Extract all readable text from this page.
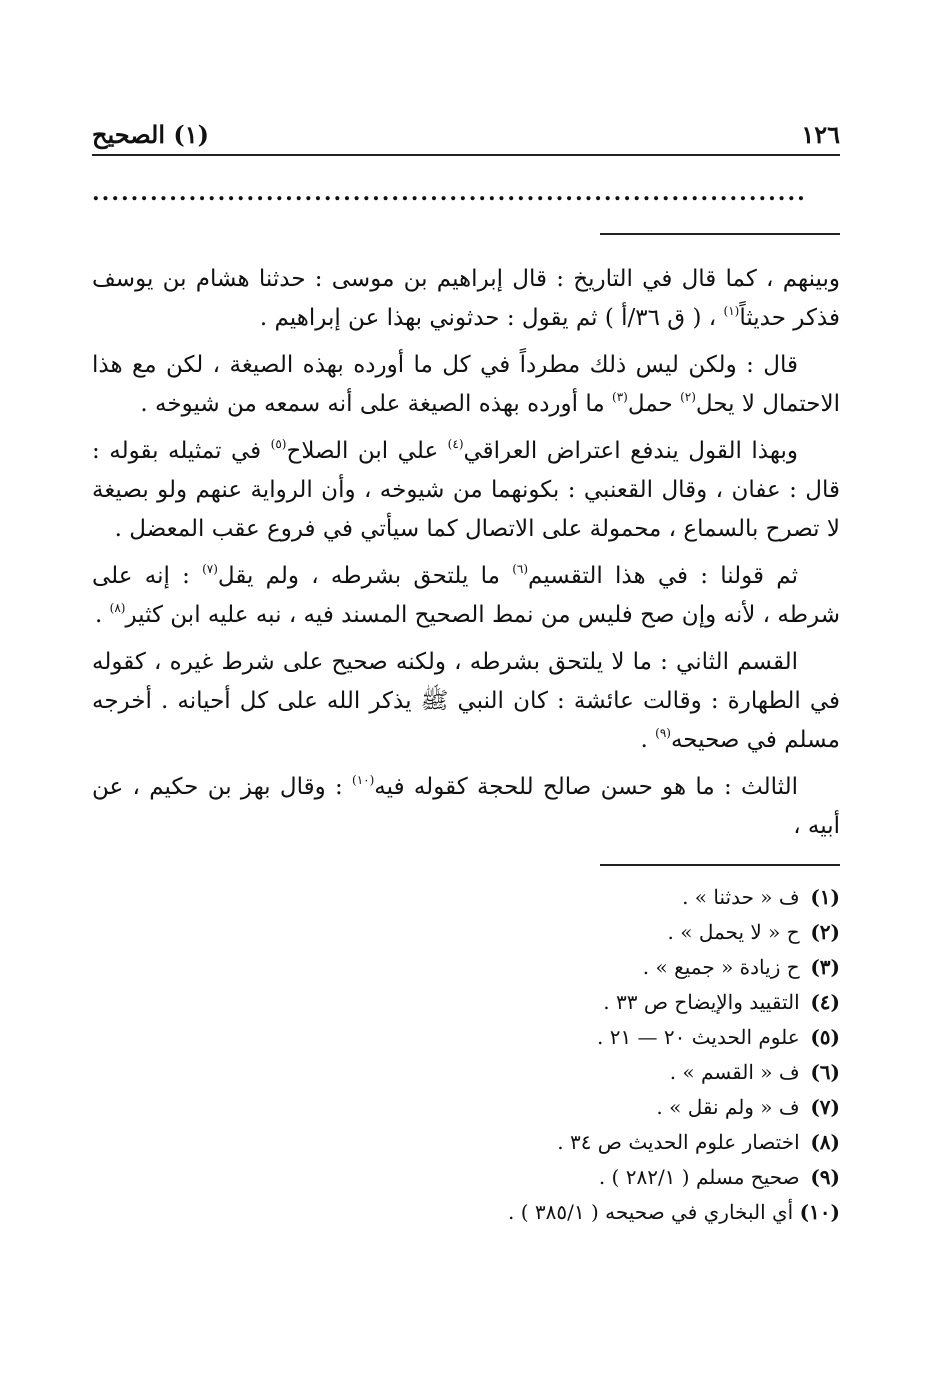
١٢٦
(١) الصحيح
..........................................................................

وبينهم ، كما قال في التاريخ : قال إبراهيم بن موسى : حدثنا هشام بن يوسف فذكر حديثاً$^{(١)}$ ، ( ق ٣٦/أ ) ثم يقول : حدثوني بهذا عن إبراهيم .

قال : ولكن ليس ذلك مطرداً في كل ما أورده بهذه الصيغة ، لكن مع هذا الاحتمال لا يحل$^{(٢)}$ حمل$^{(٣)}$ ما أورده بهذه الصيغة على أنه سمعه من شيوخه .

وبهذا القول يندفع اعتراض العراقي$^{(٤)}$ علي ابن الصلاح$^{(٥)}$ في تمثيله بقوله : قال : عفان ، وقال القعنبي : بكونهما من شيوخه ، وأن الرواية عنهم ولو بصيغة لا تصرح بالسماع ، محمولة على الاتصال كما سيأتي في فروع عقب المعضل .

ثم قولنا : في هذا التقسيم$^{(٦)}$ ما يلتحق بشرطه ، ولم يقل$^{(٧)}$ : إنه على شرطه ، لأنه وإن صح فليس من نمط الصحيح المسند فيه ، نبه عليه ابن كثير$^{(٨)}$ .

القسم الثاني : ما لا يلتحق بشرطه ، ولكنه صحيح على شرط غيره ، كقوله في الطهارة : وقالت عائشة : كان النبي ﷺ يذكر الله على كل أحيانه . أخرجه مسلم في صحيحه$^{(٩)}$ .

الثالث : ما هو حسن صالح للحجة كقوله فيه$^{(١٠)}$ : وقال بهز بن حكيم ، عن أبيه ،

(١) ف « حدثنا » .
(٢) ح « لا يحمل » .
(٣) ح زيادة « جميع » .
(٤) التقييد والإيضاح ص ٣٣ .
(٥) علوم الحديث ٢٠ — ٢١ .
(٦) ف « القسم » .
(٧) ف « ولم نقل » .
(٨) اختصار علوم الحديث ص ٣٤ .
(٩) صحيح مسلم ( ٢٨٢/١ ) .
(١٠) أي البخاري في صحيحه ( ٣٨٥/١ ) .
